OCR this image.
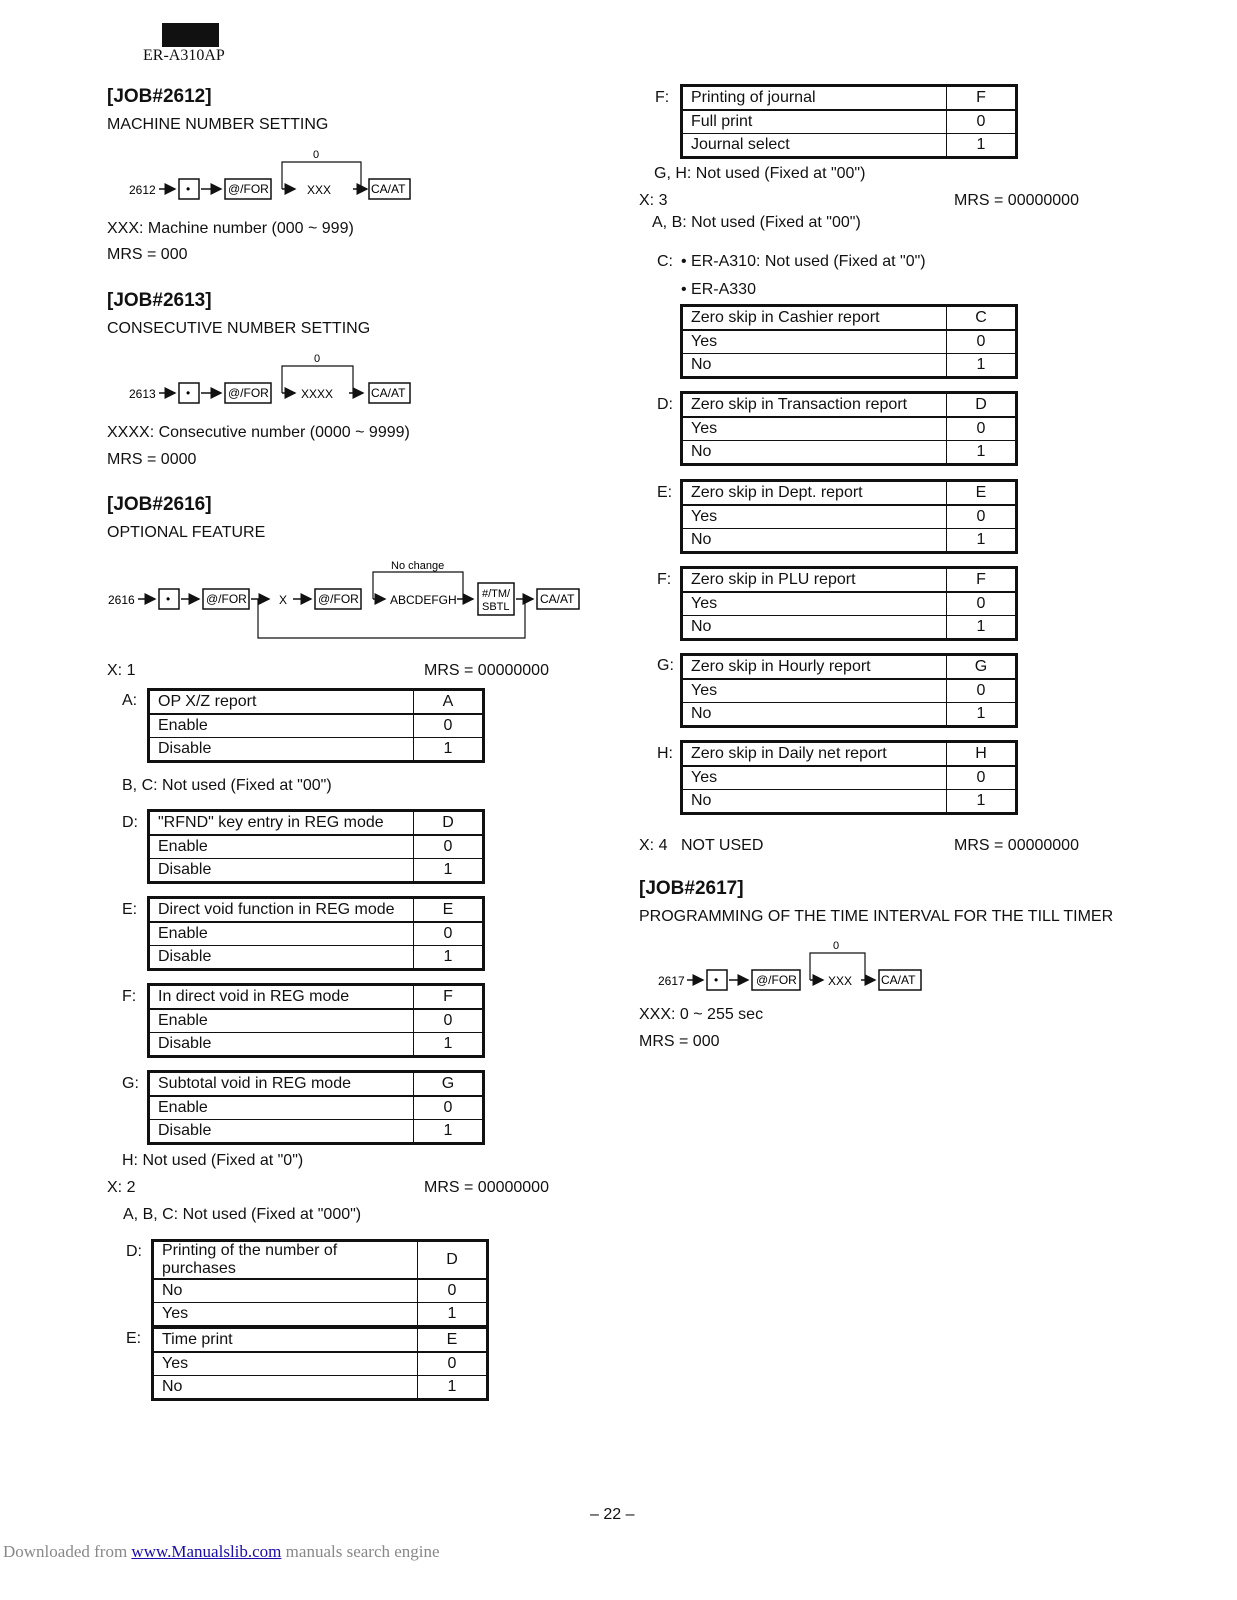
ER-A310AP
[JOB#2612]
MACHINE NUMBER SETTING
2612	•	@/FOR
0
XXX	CA/AT
XXX: Machine number (000 ~ 999)
MRS = 000
[JOB#2613]
CONSECUTIVE NUMBER SETTING
2613	•	@/FOR
0
XXXX	CA/AT
XXXX: Consecutive number (0000 ~ 9999)
MRS = 0000
[JOB#2616]
OPTIONAL FEATURE
2616	•	@/FOR	X	@/FOR
No change
ABCDEFGH #/TM/
SBTL
CA/AT
X: 1	MRS = 00000000
A: OP X/Z report	A
Enable	0
Disable	1
B, C: Not used (Fixed at "00")
D: "RFND" key entry in REG mode	D
Enable	0
Disable	1
E: Direct void function in REG mode	E
Enable	0
Disable	1
F: In direct void in REG mode	F
Enable	0
Disable	1
G: Subtotal void in REG mode	G
Enable	0
Disable	1
H: Not used (Fixed at "0")
X: 2	MRS = 00000000
A, B, C: Not used (Fixed at "000")
D: Printing of the number of purchases	D
No	0
Yes	1
E: Time print	E
Yes	0
No	1
F: Printing of journal	F
Full print	0
Journal select	1
G, H: Not used (Fixed at "00")
X: 3	MRS = 00000000
A, B: Not used (Fixed at "00")
C: • ER-A310: Not used (Fixed at "0")
• ER-A330
Zero skip in Cashier report	C
Yes	0
No	1
D: Zero skip in Transaction report	D
Yes	0
No	1
E: Zero skip in Dept. report	E
Yes	0
No	1
F: Zero skip in PLU report	F
Yes	0
No	1
G: Zero skip in Hourly report	G
Yes	0
No	1
H: Zero skip in Daily net report	H
Yes	0
No	1
X: 4 NOT USED	MRS = 00000000
[JOB#2617]
PROGRAMMING OF THE TIME INTERVAL FOR THE TILL TIMER
2617 •	@/FOR
0
XXX CA/AT
XXX: 0 ~ 255 sec
MRS = 000
– 22 –
Downloaded from www.Manualslib.com manuals search engine
